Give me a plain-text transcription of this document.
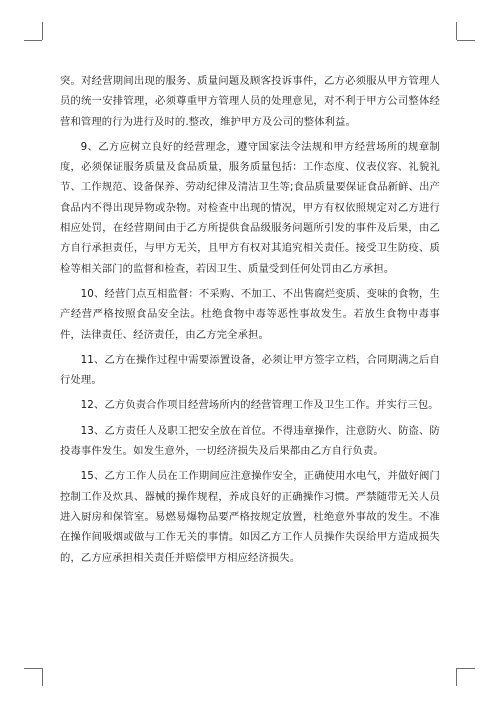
突。对经营期间出现的服务、质量问题及顾客投诉事件，乙方必须服从甲方管理人员的统一安排管理，必须尊重甲方管理人员的处理意见，对不利于甲方公司整体经营和管理的行为进行及时的.整改，维护甲方及公司的整体利益。

9、乙方应树立良好的经营理念，遵守国家法令法规和甲方经营场所的规章制度，必须保证服务质量及食品质量，服务质量包括：工作态度、仪表仪容、礼貌礼节、工作规范、设备保养、劳动纪律及清洁卫生等;食品质量要保证食品新鲜、出产食品内不得出现异物或杂物。对检查中出现的情况，甲方有权依照规定对乙方进行相应处罚，在经营期间由于乙方所提供食品级服务问题所引发的事件及后果，由乙方自行承担责任，与甲方无关，且甲方有权对其追究相关责任。接受卫生防疫、质检等相关部门的监督和检查，若因卫生、质量受到任何处罚由乙方承担。

10、经营门点互相监督：不采购、不加工、不出售腐烂变质、变味的食物，生产经营严格按照食品安全法。杜绝食物中毒等恶性事故发生。若放生食物中毒事件，法律责任、经济责任，由乙方完全承担。

11、乙方在操作过程中需要添置设备，必须让甲方签字立档，合同期满之后自行处理。

12、乙方负责合作项目经营场所内的经营管理工作及卫生工作。并实行三包。

13、乙方责任人及职工把安全放在首位。不得违章操作，注意防火、防盗、防投毒事件发生。如发生意外，一切经济损失及后果都由乙方自行负责。

15、乙方工作人员在工作期间应注意操作安全，正确使用水电气，并做好阀门控制工作及炊具、器械的操作规程，养成良好的正确操作习惯。严禁随带无关人员进入厨房和保管室。易燃易爆物品要严格按规定放置，杜绝意外事故的发生。不准在操作间吸烟或做与工作无关的事情。如因乙方工作人员操作失误给甲方造成损失的，乙方应承担相关责任并赔偿甲方相应经济损失。
